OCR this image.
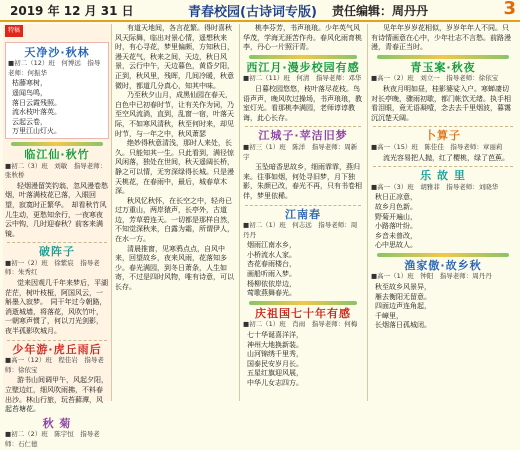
2019 年 12 月 31 日	青春校园(古诗词专版) 责任编辑：周丹丹	3
特稿
天净沙·秋林
■初二（12）班　何博远　指导老师：何振华
枯藤寒树，
遥闻鸟鸣，
落日云霞残照。
流水枝叶落英。
云起云卷，
万里江山灯火。
临江仙·秋竹
■初二（3）班　刘敏　指导老师：张秋桥
轻烟漫留笑钓翁，忽风漫卷愁烟，叶落满枝花已落，入眼回望，寂寞时正繁华。　却看秋竹风儿生动，更愁知余行，一夜寒夜云中钩，几时迎春秋？前客来满镜。
破阵子
■初一（2）班　徐紫宸　指导老师：朱秀红
觉来因观几千年来梦后，平湖茫茫，树叶枝桠，阿国风云，一斛墨入寂梦。　同干年过今朝路，消逝城墙，将落花，风吹竹叶，一朝寒声惯了，何以刀光剑影，夜半孤影吹城月。
少年游·虎丘雨后
■高一（12）班　程佳岩　指导老师：徐依宝
游书山间调甲午，风起夕阳，立壁边红，细风吹雨拂，不料春出沙。林山行旅，玩苔藓潭，风起苔塘花。
秋 菊
■初二（2）班　陈宇恒　指导老师：石仁德
有道天地间，各言花繁。得时喜秋风天际舞，临出对景心情，遥想秋来时，有心寻花，梦里偏颇，方知秋日，漫天花气，秋来之间，天边，秋日风景，云行中午，天边暮色，黄昏夕阳，正到，秋风里，残晖，几间冷暖，秋意微时，都道几分真心，知其中味。
乃至秋夕山月，成黑仙园在春天，白色中已初春时节，让有关作为词，乃至空风流淌，直到，乱窗一宿，叶落天际，不如寒风清秋，秋至何时来，却见时节，与一年之中，秋风萧瑟
绝妙得秋意清浅，那时人来处，长久。只能知其一生。只此看到，满径惊风闲落，独处在世间，秋天遥阔长桥，静之可以情，无穷深绿得长城。只是漫天桃花，在春雨中，最后，城春草木深。
秋风忆秋怀，在长空之中，轻舟已过万重山，两岸猿声，长亭外，古道边，芳草碧连天。一切都是那样自然，不知觉深秋来，白露为霜，所谓伊人，在水一方。
清晨推窗，见寒鸦点点，自风中来，回望故乡，夜来风雨，花落知多少。春光满园，到冬日萧条，人生如寄，不过是四时风物，唯有诗意，可以长存。
桃李芬芳，书声琅琅。少年英气风华茂，学海无涯苦作舟。春风化雨育桃李，丹心一片照汗青。
西江月·漫步校园有感
■初二（11）班　何清　指导老师：邓华
日暮校园悠悠，枝叶落尽花枝。鸟语声声，晚风吹过操场，书声琅琅，教室灯光。看那桃李满园，老师谆谆教诲，此心长存。
江城子·苹洁旧梦
■初三（1）班　陈洋　指导老师：周新宇
玉坠暗香思故乡，细雨霏霏，燕归来。往事如烟，何处寻旧梦，月下独影，朱颜已改，春光不再，只有书卷相伴，梦里依稀。
江南春
■初二（1）班　何志远　指导老师：周丹丹
烟雨江南水乡，
小桥流水人家。
杏花春雨楼台，
画船听雨入梦。
杨柳依依岸边，
莺歌燕舞春光。
庆祖国七十年有感
■初二（1）班　肖雨　指导老师：何梅
七十华诞喜洋洋，
神州大地换新装。
山河锦绣千里秀，
国泰民安岁月长。
五星红旗迎风展，
中华儿女志四方。
见年年岁岁花相似，岁岁年年人不同。只有诗情画意在心中，少年壮志不言愁。前路漫漫，青春正当时。
青玉案·秋夜
■高一（2）班　刘立一　指导老师：徐依宝
秋夜月明如昼，桂影婆娑入户。寒蝉凄切对长亭晚，骤雨初歇，都门帐饮无绪。执手相看泪眼，竟无语凝噎，念去去千里烟波，暮霭沉沉楚天阔。
卜算子
■高一（15）班　陈佳佳　指导老师：章丽莉
流光容易把人抛，红了樱桃，绿了芭蕉。
乐 故 里
■高一（3）班　胡雅菲　指导老师：刘晓华
秋日正凉意，
故乡月色新。
野菊开遍山，
小路落叶纷。
乡音未曾改，
心中思故人。
渔家傲·故乡秋
■高一（1）班　钟阳　指导老师：周丹丹
秋至故乡风景异，
雁去衡阳无留意。
四面边声连角起，
千嶂里，
长烟落日孤城闭。
